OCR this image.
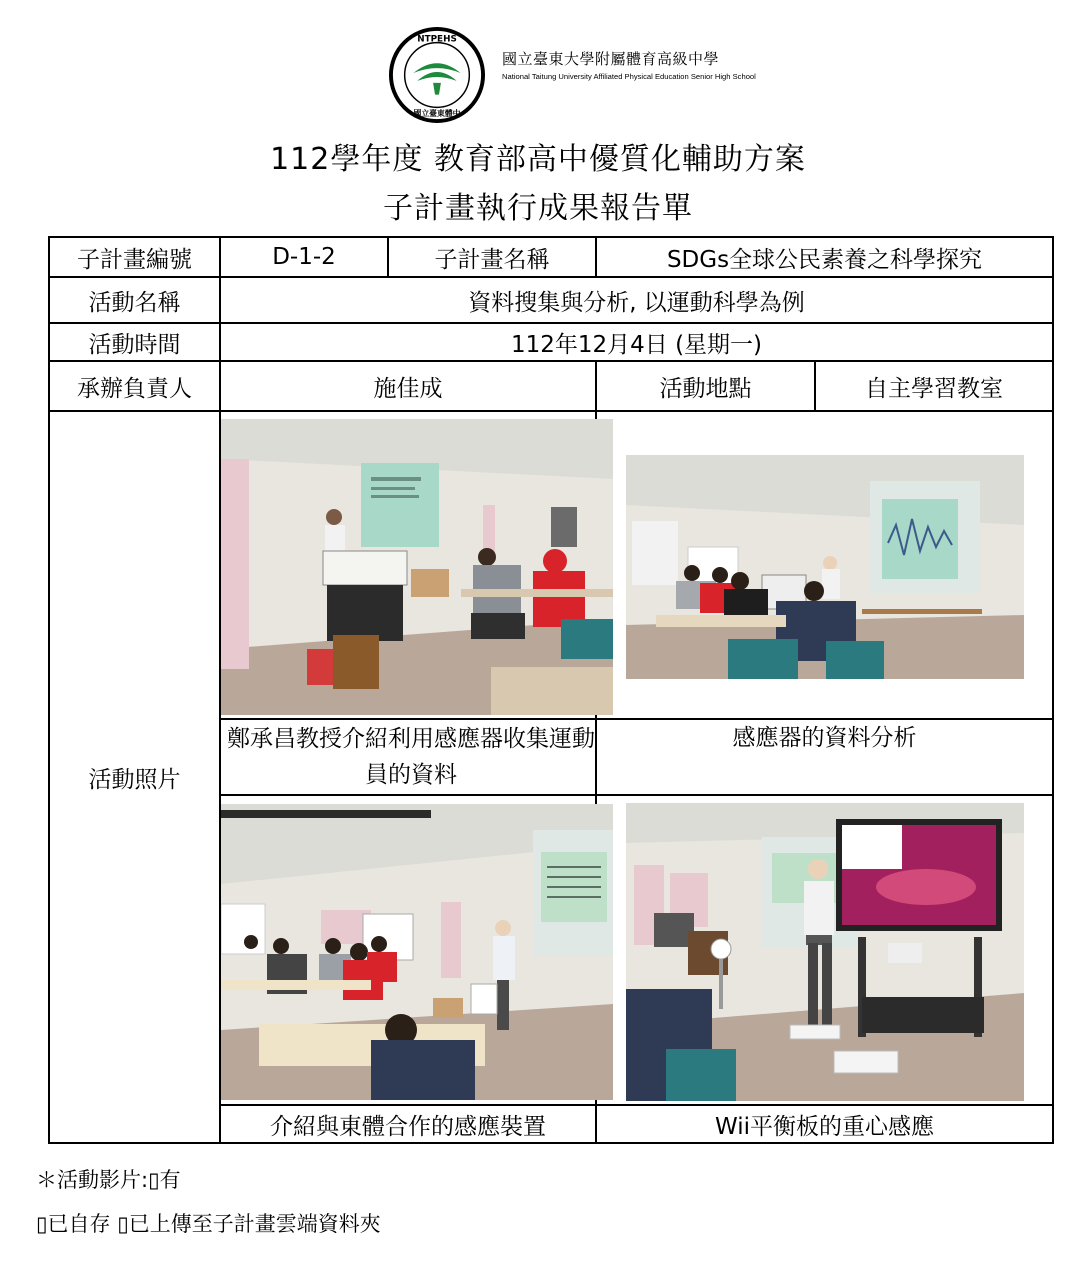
NTPEHS
國立臺東體中
國立臺東大學附屬體育高級中學
National Taitung University Affiliated Physical Education Senior High School
112學年度 教育部高中優質化輔助方案
子計畫執行成果報告單
子計畫編號	D-1-2	子計畫名稱	SDGs全球公民素養之科學探究	
活動名稱	資料搜集與分析, 以運動科學為例			
活動時間	112年12月4日 (星期一)			
承辦負責人	施佳成		活動地點	自主學習教室
活動照片	

	鄭承昌教授介紹利用感應器收集運動員的資料		感應器的資料分析	

	介紹與東體合作的感應裝置		Wii平衡板的重心感應	
＊活動影片:▯有
▯已自存 ▯已上傳至子計畫雲端資料夾
